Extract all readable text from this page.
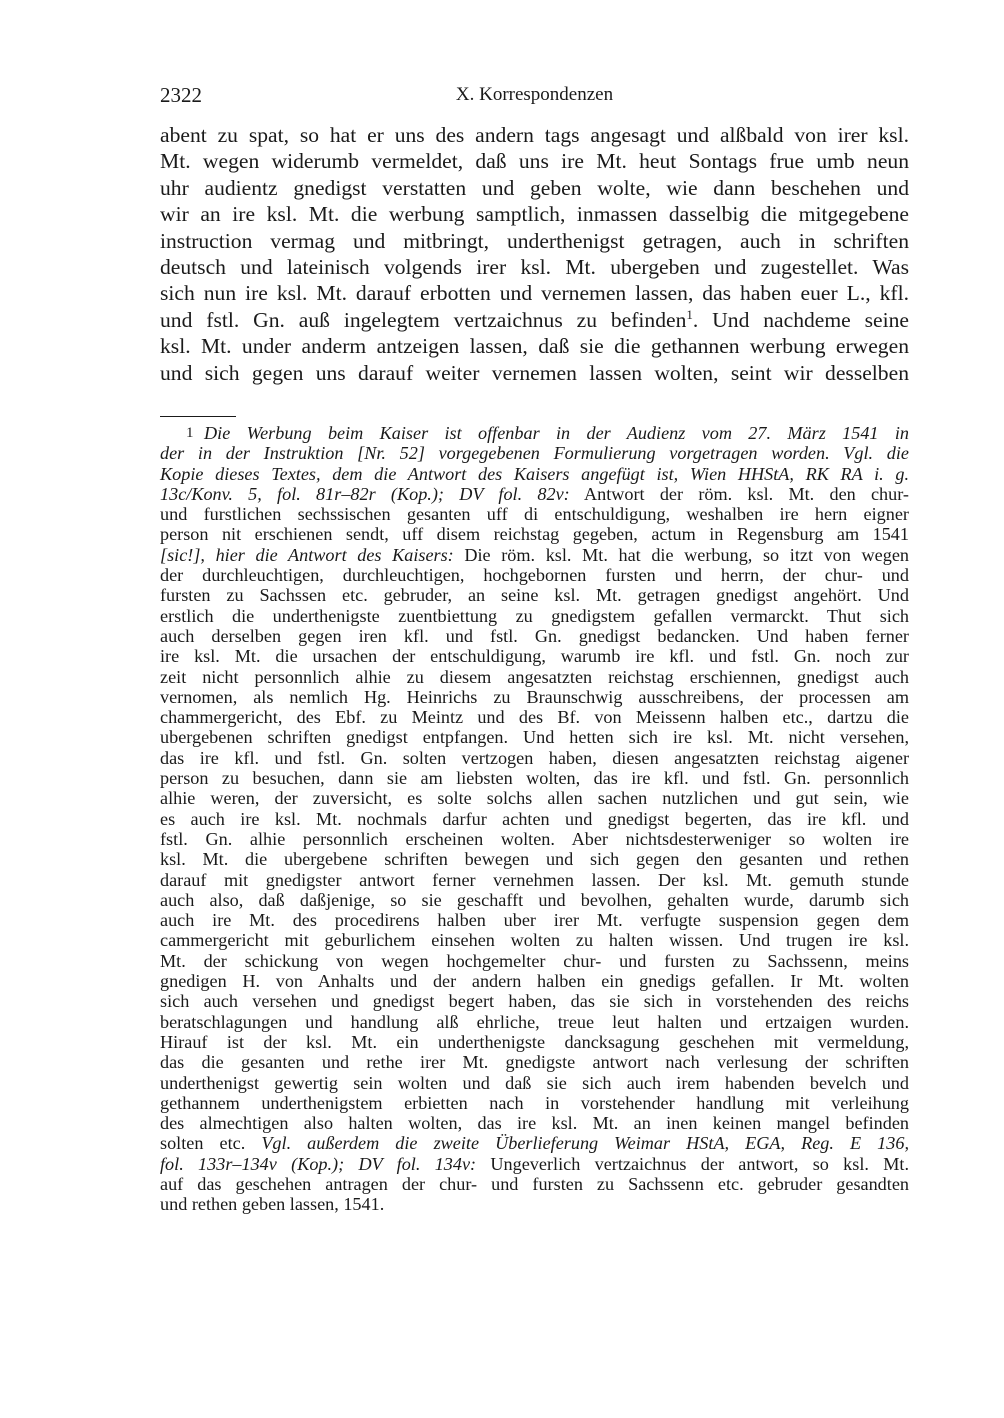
2322	X. Korrespondenzen
abent zu spat, so hat er uns des andern tags angesagt und alßbald von irer ksl.
Mt. wegen widerumb vermeldet, daß uns ire Mt. heut Sontags frue umb neun
uhr audientz gnedigst verstatten und geben wolte, wie dann beschehen und
wir an ire ksl. Mt. die werbung samptlich, inmassen dasselbig die mitgegebene
instruction vermag und mitbringt, underthenigst getragen, auch in schriften
deutsch und lateinisch volgends irer ksl. Mt. ubergeben und zugestellet. Was
sich nun ire ksl. Mt. darauf erbotten und vernemen lassen, das haben euer L., kfl.
und fstl. Gn. auß ingelegtem vertzaichnus zu befinden$^1$. Und nachdeme seine
ksl. Mt. under anderm antzeigen lassen, daß sie die gethannen werbung erwegen
und sich gegen uns darauf weiter vernemen lassen wolten, seint wir desselben
1 Die Werbung beim Kaiser ist offenbar in der Audienz vom 27. März 1541 in
der in der Instruktion [Nr. 52] vorgegebenen Formulierung vorgetragen worden. Vgl. die
Kopie dieses Textes, dem die Antwort des Kaisers angefügt ist, Wien HHStA, RK RA i. g.
13c/Konv. 5, fol. 81r–82r (Kop.); DV fol. 82v: Antwort der röm. ksl. Mt. den chur-
und furstlichen sechssischen gesanten uff di entschuldigung, weshalben ire hern eigner
person nit erschienen sendt, uff disem reichstag gegeben, actum in Regensburg am 1541
[sic!], hier die Antwort des Kaisers: Die röm. ksl. Mt. hat die werbung, so itzt von wegen
der durchleuchtigen, durchleuchtigen, hochgebornen fursten und herrn, der chur- und
fursten zu Sachssen etc. gebruder, an seine ksl. Mt. getragen gnedigst angehört. Und
erstlich die underthenigste zuentbiettung zu gnedigstem gefallen vermarckt. Thut sich
auch derselben gegen iren kfl. und fstl. Gn. gnedigst bedancken. Und haben ferner
ire ksl. Mt. die ursachen der entschuldigung, warumb ire kfl. und fstl. Gn. noch zur
zeit nicht personnlich alhie zu diesem angesatzten reichstag erschiennen, gnedigst auch
vernomen, als nemlich Hg. Heinrichs zu Braunschwig ausschreibens, der processen am
chammergericht, des Ebf. zu Meintz und des Bf. von Meissenn halben etc., dartzu die
ubergebenen schriften gnedigst entpfangen. Und hetten sich ire ksl. Mt. nicht versehen,
das ire kfl. und fstl. Gn. solten vertzogen haben, diesen angesatzten reichstag aigener
person zu besuchen, dann sie am liebsten wolten, das ire kfl. und fstl. Gn. personnlich
alhie weren, der zuversicht, es solte solchs allen sachen nutzlichen und gut sein, wie
es auch ire ksl. Mt. nochmals darfur achten und gnedigst begerten, das ire kfl. und
fstl. Gn. alhie personnlich erscheinen wolten. Aber nichtsdesterweniger so wolten ire
ksl. Mt. die ubergebene schriften bewegen und sich gegen den gesanten und rethen
darauf mit gnedigster antwort ferner vernehmen lassen. Der ksl. Mt. gemuth stunde
auch also, daß daßjenige, so sie geschafft und bevolhen, gehalten wurde, darumb sich
auch ire Mt. des procedirens halben uber irer Mt. verfugte suspension gegen dem
cammergericht mit geburlichem einsehen wolten zu halten wissen. Und trugen ire ksl.
Mt. der schickung von wegen hochgemelter chur- und fursten zu Sachssenn, meins
gnedigen H. von Anhalts und der andern halben ein gnedigs gefallen. Ir Mt. wolten
sich auch versehen und gnedigst begert haben, das sie sich in vorstehenden des reichs
beratschlagungen und handlung alß ehrliche, treue leut halten und ertzaigen wurden.
Hirauf ist der ksl. Mt. ein underthenigste dancksagung geschehen mit vermeldung,
das die gesanten und rethe irer Mt. gnedigste antwort nach verlesung der schriften
underthenigst gewertig sein wolten und daß sie sich auch irem habenden bevelch und
gethannem underthenigstem erbietten nach in vorstehender handlung mit verleihung
des almechtigen also halten wolten, das ire ksl. Mt. an inen keinen mangel befinden
solten etc. Vgl. außerdem die zweite Überlieferung Weimar HStA, EGA, Reg. E 136,
fol. 133r–134v (Kop.); DV fol. 134v: Ungeverlich vertzaichnus der antwort, so ksl. Mt.
auf das geschehen antragen der chur- und fursten zu Sachssenn etc. gebruder gesandten
und rethen geben lassen, 1541.
